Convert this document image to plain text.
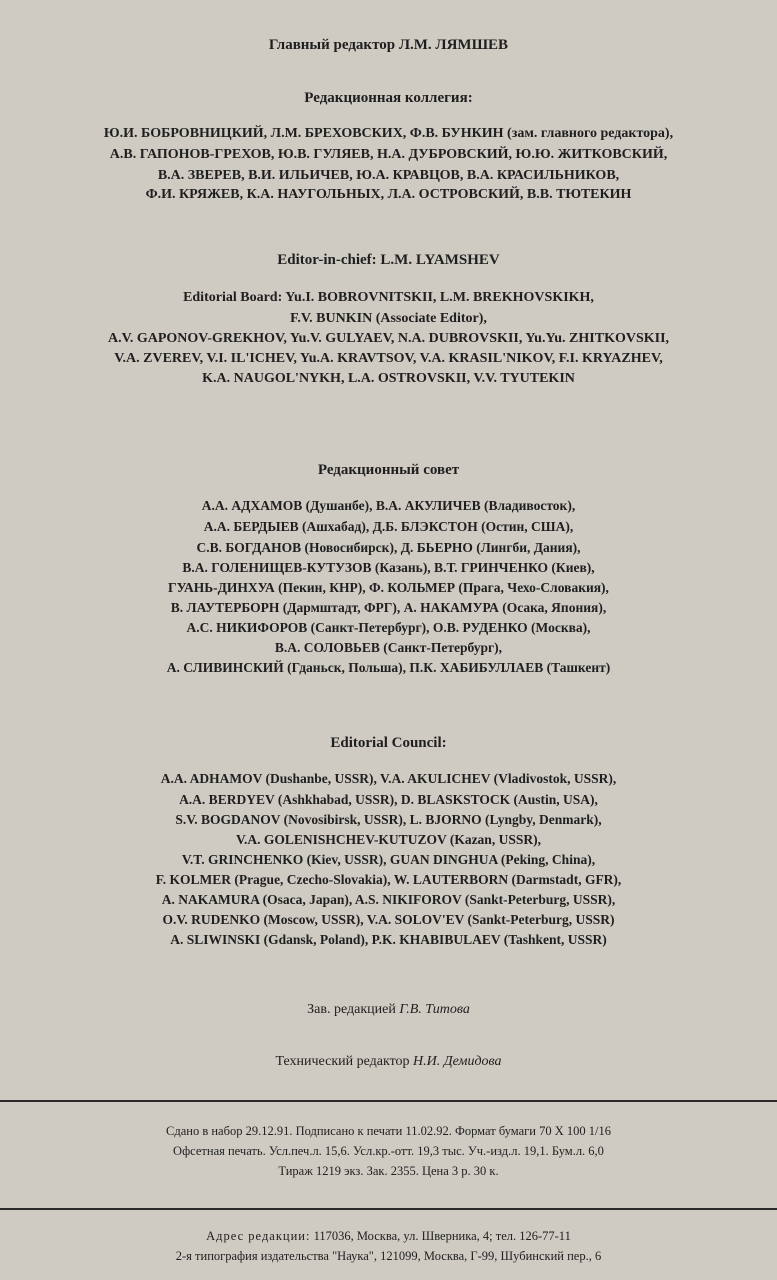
Главный редактор Л.М. ЛЯМШЕВ
Редакционная коллегия:
Ю.И. БОБРОВНИЦКИЙ, Л.М. БРЕХОВСКИХ, Ф.В. БУНКИН (зам. главного редактора),
А.В. ГАПОНОВ-ГРЕХОВ, Ю.В. ГУЛЯЕВ, Н.А. ДУБРОВСКИЙ, Ю.Ю. ЖИТКОВСКИЙ,
В.А. ЗВЕРЕВ, В.И. ИЛЬИЧЕВ, Ю.А. КРАВЦОВ, В.А. КРАСИЛЬНИКОВ,
Ф.И. КРЯЖЕВ, К.А. НАУГОЛЬНЫХ, Л.А. ОСТРОВСКИЙ, В.В. ТЮТЕКИН
Editor-in-chief: L.M. LYAMSHEV
Editorial Board: Yu.I. BOBROVNITSKII, L.M. BREKHOVSKIKH,
F.V. BUNKIN (Associate Editor),
A.V. GAPONOV-GREKHOV, Yu.V. GULYAEV, N.A. DUBROVSKII, Yu.Yu. ZHITKOVSKII,
V.A. ZVEREV, V.I. IL'ICHEV, Yu.A. KRAVTSOV, V.A. KRASIL'NIKOV, F.I. KRYAZHEV,
K.A. NAUGOL'NYKH, L.A. OSTROVSKII, V.V. TYUTEKIN
Редакционный совет
А.А. АДХАМОВ (Душанбе), В.А. АКУЛИЧЕВ (Владивосток),
А.А. БЕРДЫЕВ (Ашхабад), Д.Б. БЛЭКСТОН (Остин, США),
С.В. БОГДАНОВ (Новосибирск), Д. БЬЕРНО (Лингби, Дания),
В.А. ГОЛЕНИЩЕВ-КУТУЗОВ (Казань), В.Т. ГРИНЧЕНКО (Киев),
ГУАНЬ-ДИНХУА (Пекин, КНР), Ф. КОЛЬМЕР (Прага, Чехо-Словакия),
В. ЛАУТЕРБОРН (Дармштадт, ФРГ), А. НАКАМУРА (Осака, Япония),
А.С. НИКИФОРОВ (Санкт-Петербург), О.В. РУДЕНКО (Москва),
В.А. СОЛОВЬЕВ (Санкт-Петербург),
А. СЛИВИНСКИЙ (Гданьск, Польша), П.К. ХАБИБУЛЛАЕВ (Ташкент)
Editorial Council:
A.A. ADHAMOV (Dushanbe, USSR), V.A. AKULICHEV (Vladivostok, USSR),
A.A. BERDYEV (Ashkhabad, USSR), D. BLASKSTOCK (Austin, USA),
S.V. BOGDANOV (Novosibirsk, USSR), L. BJORNO (Lyngby, Denmark),
V.A. GOLENISHCHEV-KUTUZOV (Kazan, USSR),
V.T. GRINCHENKO (Kiev, USSR), GUAN DINGHUA (Peking, China),
F. KOLMER (Prague, Czecho-Slovakia), W. LAUTERBORN (Darmstadt, GFR),
A. NAKAMURA (Osaca, Japan), A.S. NIKIFOROV (Sankt-Peterburg, USSR),
O.V. RUDENKO (Moscow, USSR), V.A. SOLOV'EV (Sankt-Peterburg, USSR)
A. SLIWINSKI (Gdansk, Poland), P.K. KHABIBULAEV (Tashkent, USSR)
Зав. редакцией Г.В. Титова
Технический редактор Н.И. Демидова
Сдано в набор 29.12.91. Подписано к печати 11.02.92. Формат бумаги 70 X 100 1/16
Офсетная печать. Усл.печ.л. 15,6. Усл.кр.-отт. 19,3 тыс. Уч.-изд.л. 19,1. Бум.л. 6,0
Тираж 1219 экз. Зак. 2355. Цена 3 р. 30 к.
Адрес редакции: 117036, Москва, ул. Шверника, 4; тел. 126-77-11
2-я типография издательства "Наука", 121099, Москва, Г-99, Шубинский пер., 6
